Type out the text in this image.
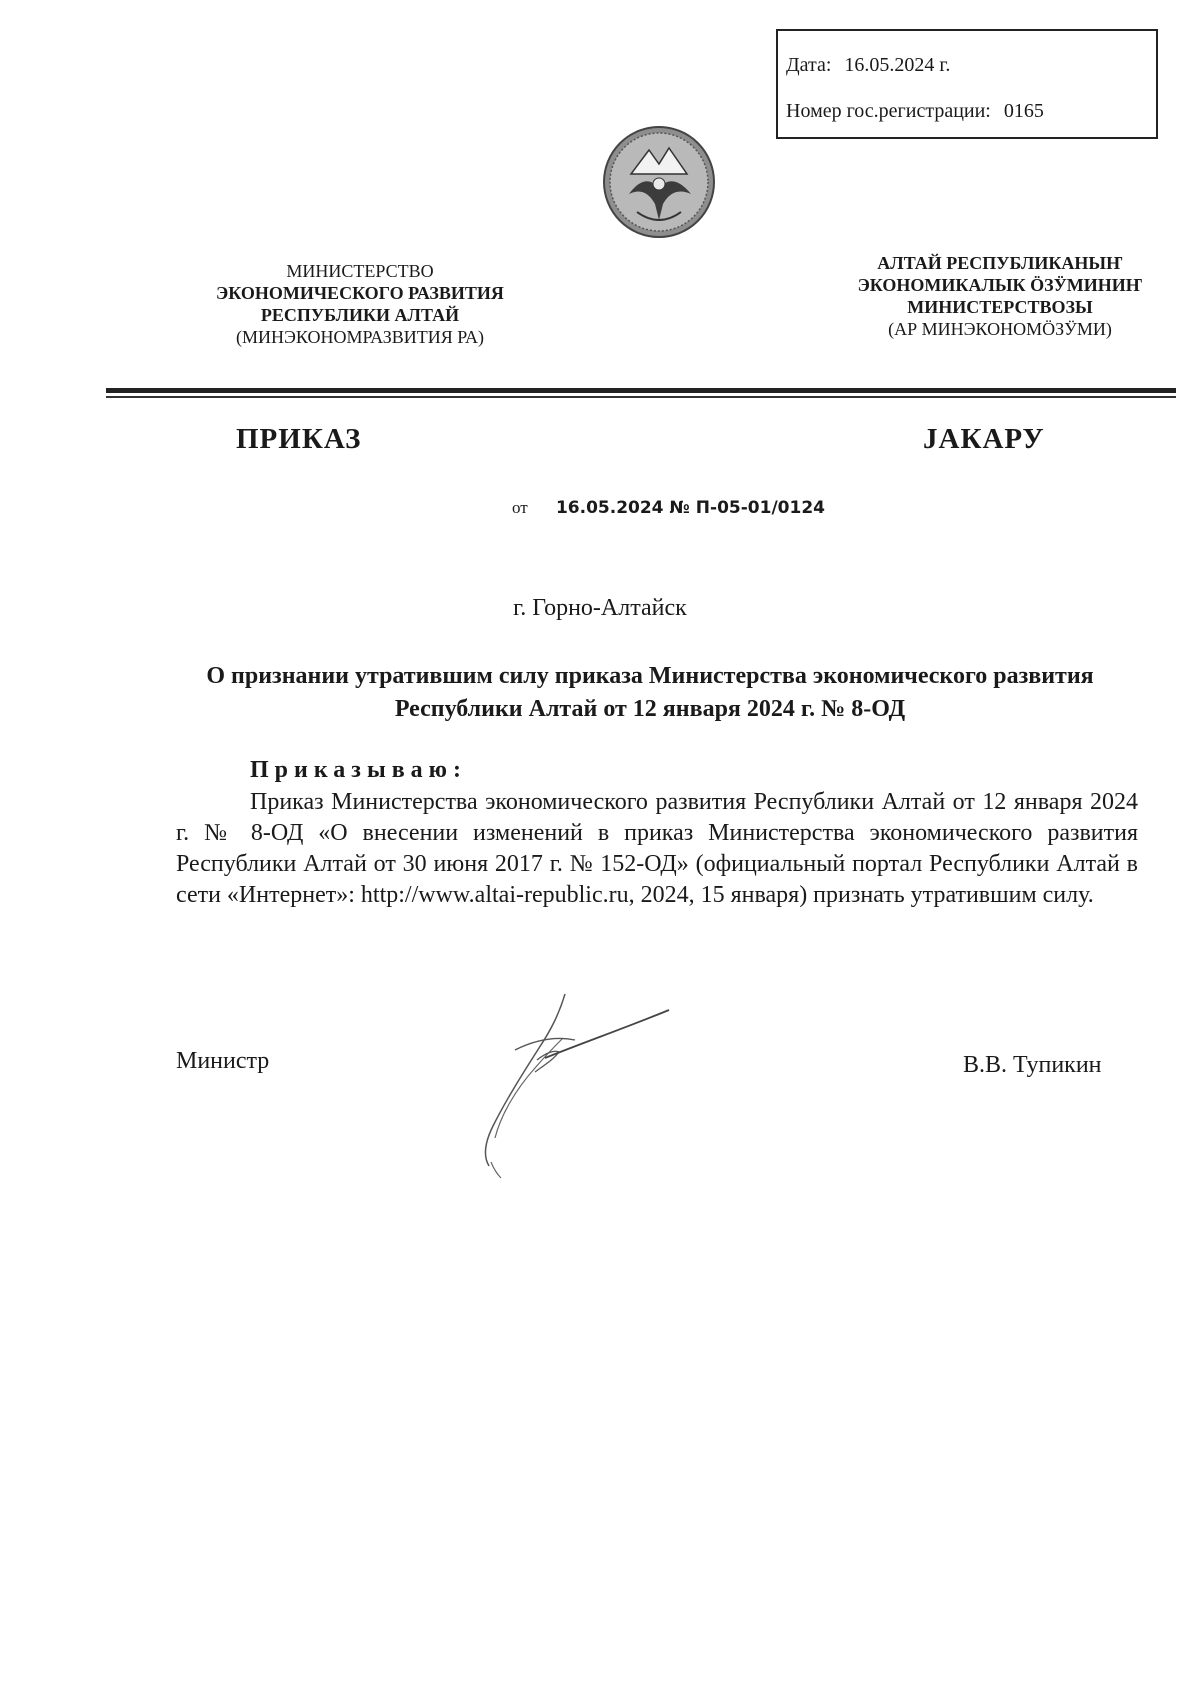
Дата: 16.05.2024 г.
Номер гос.регистрации: 0165
МИНИСТЕРСТВО
ЭКОНОМИЧЕСКОГО РАЗВИТИЯ
РЕСПУБЛИКИ АЛТАЙ
(МИНЭКОНОМРАЗВИТИЯ РА)
АЛТАЙ РЕСПУБЛИКАНЫҤ
ЭКОНОМИКАЛЫК ӦЗӰМИНИҤ
МИНИСТЕРСТВОЗЫ
(АР МИНЭКОНОМӦЗӰМИ)
ПРИКАЗ	ЈАКАРУ
от 16.05.2024 № П-05-01/0124
г. Горно-Алтайск
О признании утратившим силу приказа Министерства экономического развития Республики Алтай от 12 января 2024 г. № 8-ОД
Приказываю:
Приказ Министерства экономического развития Республики Алтай от 12 января 2024 г. № 8-ОД «О внесении изменений в приказ Министерства экономического развития Республики Алтай от 30 июня 2017 г. № 152-ОД» (официальный портал Республики Алтай в сети «Интернет»: http://www.altai-republic.ru, 2024, 15 января) признать утратившим силу.
Министр	В.В. Тупикин
